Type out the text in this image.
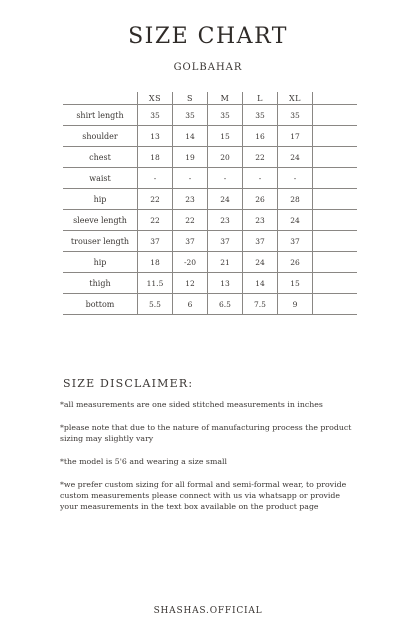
SIZE CHART
GOLBAHAR
	XS	S	M	L	XL	
shirt length	35	35	35	35	35	
shoulder	13	14	15	16	17	
chest	18	19	20	22	24	
waist	-	-	-	-	-	
hip	22	23	24	26	28	
sleeve length	22	22	23	23	24	
trouser length	37	37	37	37	37	
hip	18	-20	21	24	26	
thigh	11.5	12	13	14	15	
bottom	5.5	6	6.5	7.5	9	
SIZE DISCLAIMER:

*all measurements are one sided stitched measurements in inches

*please note that due to the nature of manufacturing process the product sizing may slightly vary

*the model is 5'6 and wearing a size small

*we prefer custom sizing for all formal and semi-formal wear, to provide custom measurements please connect with us via whatsapp or provide your measurements in the text box available on the product page

SHASHAS.OFFICIAL
